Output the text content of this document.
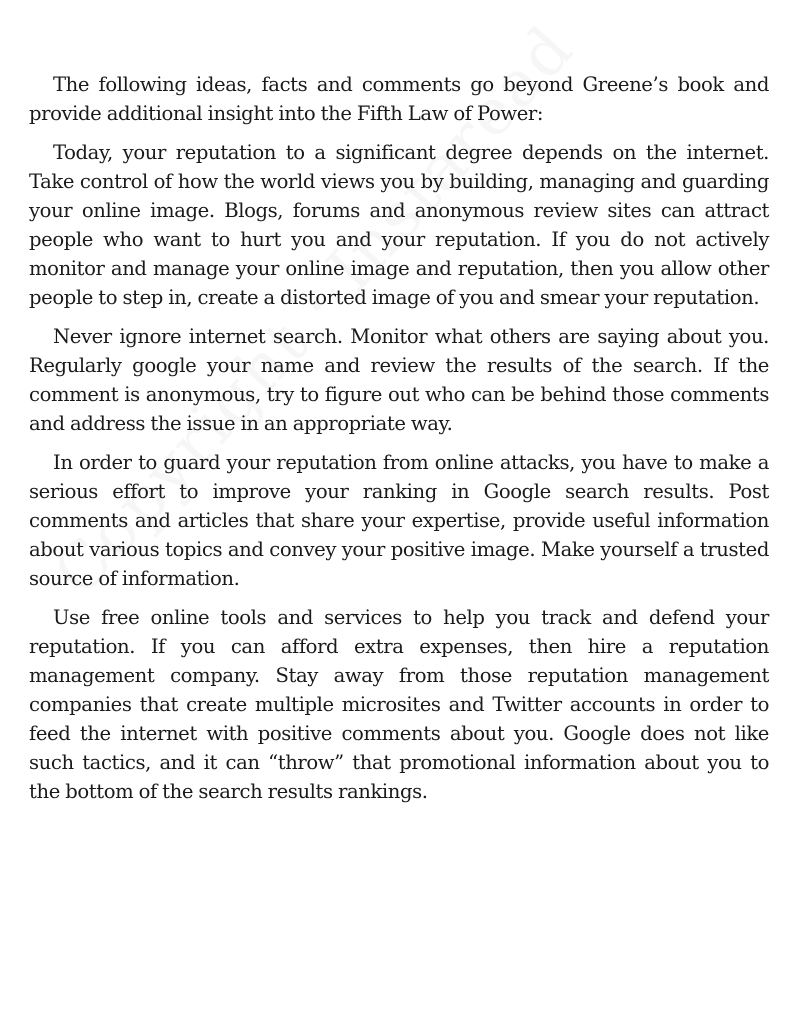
The following ideas, facts and comments go beyond Greene’s book and provide additional insight into the Fifth Law of Power:

Today, your reputation to a significant degree depends on the internet. Take control of how the world views you by building, managing and guarding your online image. Blogs, forums and anonymous review sites can attract people who want to hurt you and your reputation. If you do not actively monitor and manage your online image and reputation, then you allow other people to step in, create a distorted image of you and smear your reputation.

Never ignore internet search. Monitor what others are saying about you. Regularly google your name and review the results of the search. If the comment is anonymous, try to figure out who can be behind those comments and address the issue in an appropriate way.

In order to guard your reputation from online attacks, you have to make a serious effort to improve your ranking in Google search results. Post comments and articles that share your expertise, provide useful information about various topics and convey your positive image. Make yourself a trusted source of information.

Use free online tools and services to help you track and defend your reputation. If you can afford extra expenses, then hire a reputation management company. Stay away from those reputation management companies that create multiple microsites and Twitter accounts in order to feed the internet with positive comments about you. Google does not like such tactics, and it can “throw” that promotional information about you to the bottom of the search results rankings.
